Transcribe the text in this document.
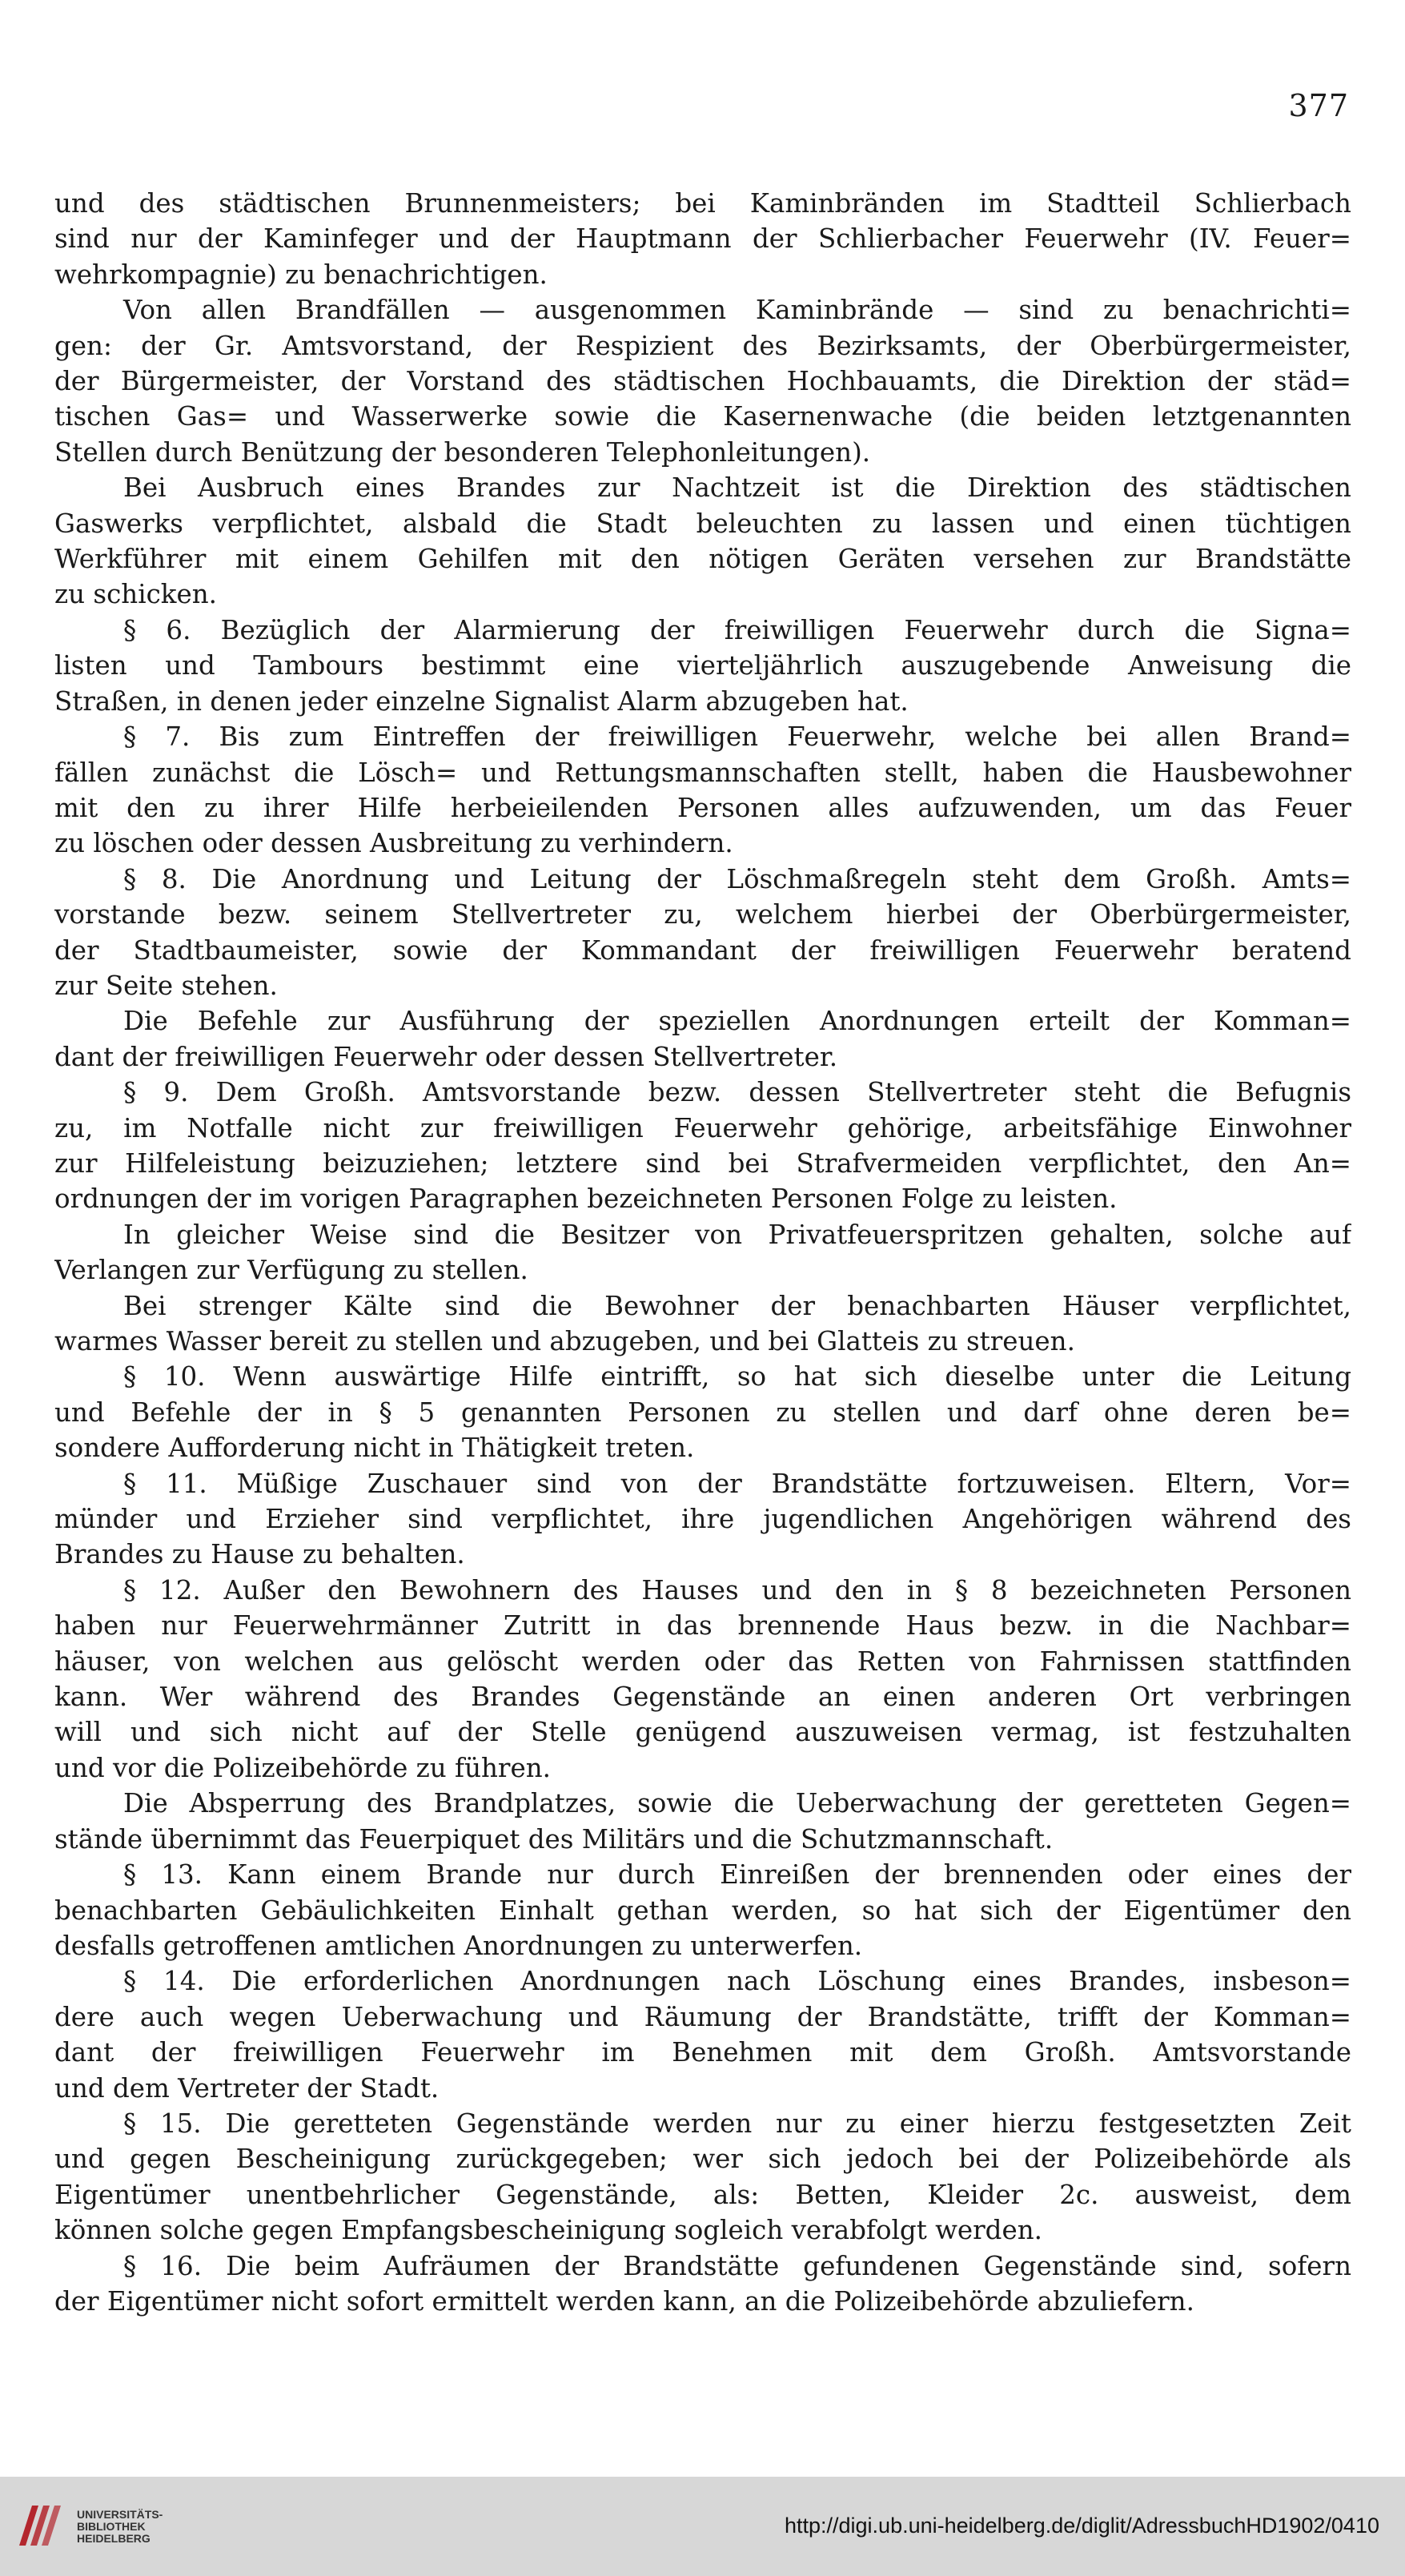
377

und des städtischen Brunnenmeisters; bei Kaminbränden im Stadtteil Schlierbach

sind nur der Kaminfeger und der Hauptmann der Schlierbacher Feuerwehr (IV. Feuer=

wehrkompagnie) zu benachrichtigen.

Von allen Brandfällen — ausgenommen Kaminbrände — sind zu benachrichti=

gen: der Gr. Amtsvorstand, der Respizient des Bezirksamts, der Oberbürgermeister,

der Bürgermeister, der Vorstand des städtischen Hochbauamts, die Direktion der städ=

tischen Gas= und Wasserwerke sowie die Kasernenwache (die beiden letztgenannten

Stellen durch Benützung der besonderen Telephonleitungen).

Bei Ausbruch eines Brandes zur Nachtzeit ist die Direktion des städtischen

Gaswerks verpflichtet, alsbald die Stadt beleuchten zu lassen und einen tüchtigen

Werkführer mit einem Gehilfen mit den nötigen Geräten versehen zur Brandstätte

zu schicken.

§ 6. Bezüglich der Alarmierung der freiwilligen Feuerwehr durch die Signa=

listen und Tambours bestimmt eine vierteljährlich auszugebende Anweisung die

Straßen, in denen jeder einzelne Signalist Alarm abzugeben hat.

§ 7. Bis zum Eintreffen der freiwilligen Feuerwehr, welche bei allen Brand=

fällen zunächst die Lösch= und Rettungsmannschaften stellt, haben die Hausbewohner

mit den zu ihrer Hilfe herbeieilenden Personen alles aufzuwenden, um das Feuer

zu löschen oder dessen Ausbreitung zu verhindern.

§ 8. Die Anordnung und Leitung der Löschmaßregeln steht dem Großh. Amts=

vorstande bezw. seinem Stellvertreter zu, welchem hierbei der Oberbürgermeister,

der Stadtbaumeister, sowie der Kommandant der freiwilligen Feuerwehr beratend

zur Seite stehen.

Die Befehle zur Ausführung der speziellen Anordnungen erteilt der Komman=

dant der freiwilligen Feuerwehr oder dessen Stellvertreter.

§ 9. Dem Großh. Amtsvorstande bezw. dessen Stellvertreter steht die Befugnis

zu, im Notfalle nicht zur freiwilligen Feuerwehr gehörige, arbeitsfähige Einwohner

zur Hilfeleistung beizuziehen; letztere sind bei Strafvermeiden verpflichtet, den An=

ordnungen der im vorigen Paragraphen bezeichneten Personen Folge zu leisten.

In gleicher Weise sind die Besitzer von Privatfeuerspritzen gehalten, solche auf

Verlangen zur Verfügung zu stellen.

Bei strenger Kälte sind die Bewohner der benachbarten Häuser verpflichtet,

warmes Wasser bereit zu stellen und abzugeben, und bei Glatteis zu streuen.

§ 10. Wenn auswärtige Hilfe eintrifft, so hat sich dieselbe unter die Leitung

und Befehle der in § 5 genannten Personen zu stellen und darf ohne deren be=

sondere Aufforderung nicht in Thätigkeit treten.

§ 11. Müßige Zuschauer sind von der Brandstätte fortzuweisen. Eltern, Vor=

münder und Erzieher sind verpflichtet, ihre jugendlichen Angehörigen während des

Brandes zu Hause zu behalten.

§ 12. Außer den Bewohnern des Hauses und den in § 8 bezeichneten Personen

haben nur Feuerwehrmänner Zutritt in das brennende Haus bezw. in die Nachbar=

häuser, von welchen aus gelöscht werden oder das Retten von Fahrnissen stattfinden

kann. Wer während des Brandes Gegenstände an einen anderen Ort verbringen

will und sich nicht auf der Stelle genügend auszuweisen vermag, ist festzuhalten

und vor die Polizeibehörde zu führen.

Die Absperrung des Brandplatzes, sowie die Ueberwachung der geretteten Gegen=

stände übernimmt das Feuerpiquet des Militärs und die Schutzmannschaft.

§ 13. Kann einem Brande nur durch Einreißen der brennenden oder eines der

benachbarten Gebäulichkeiten Einhalt gethan werden, so hat sich der Eigentümer den

desfalls getroffenen amtlichen Anordnungen zu unterwerfen.

§ 14. Die erforderlichen Anordnungen nach Löschung eines Brandes, insbeson=

dere auch wegen Ueberwachung und Räumung der Brandstätte, trifft der Komman=

dant der freiwilligen Feuerwehr im Benehmen mit dem Großh. Amtsvorstande

und dem Vertreter der Stadt.

§ 15. Die geretteten Gegenstände werden nur zu einer hierzu festgesetzten Zeit

und gegen Bescheinigung zurückgegeben; wer sich jedoch bei der Polizeibehörde als

Eigentümer unentbehrlicher Gegenstände, als: Betten, Kleider 2c. ausweist, dem

können solche gegen Empfangsbescheinigung sogleich verabfolgt werden.

§ 16. Die beim Aufräumen der Brandstätte gefundenen Gegenstände sind, sofern

der Eigentümer nicht sofort ermittelt werden kann, an die Polizeibehörde abzuliefern.

UNIVERSITÄTS-
BIBLIOTHEK
HEIDELBERG
http://digi.ub.uni-heidelberg.de/diglit/AdressbuchHD1902/0410
